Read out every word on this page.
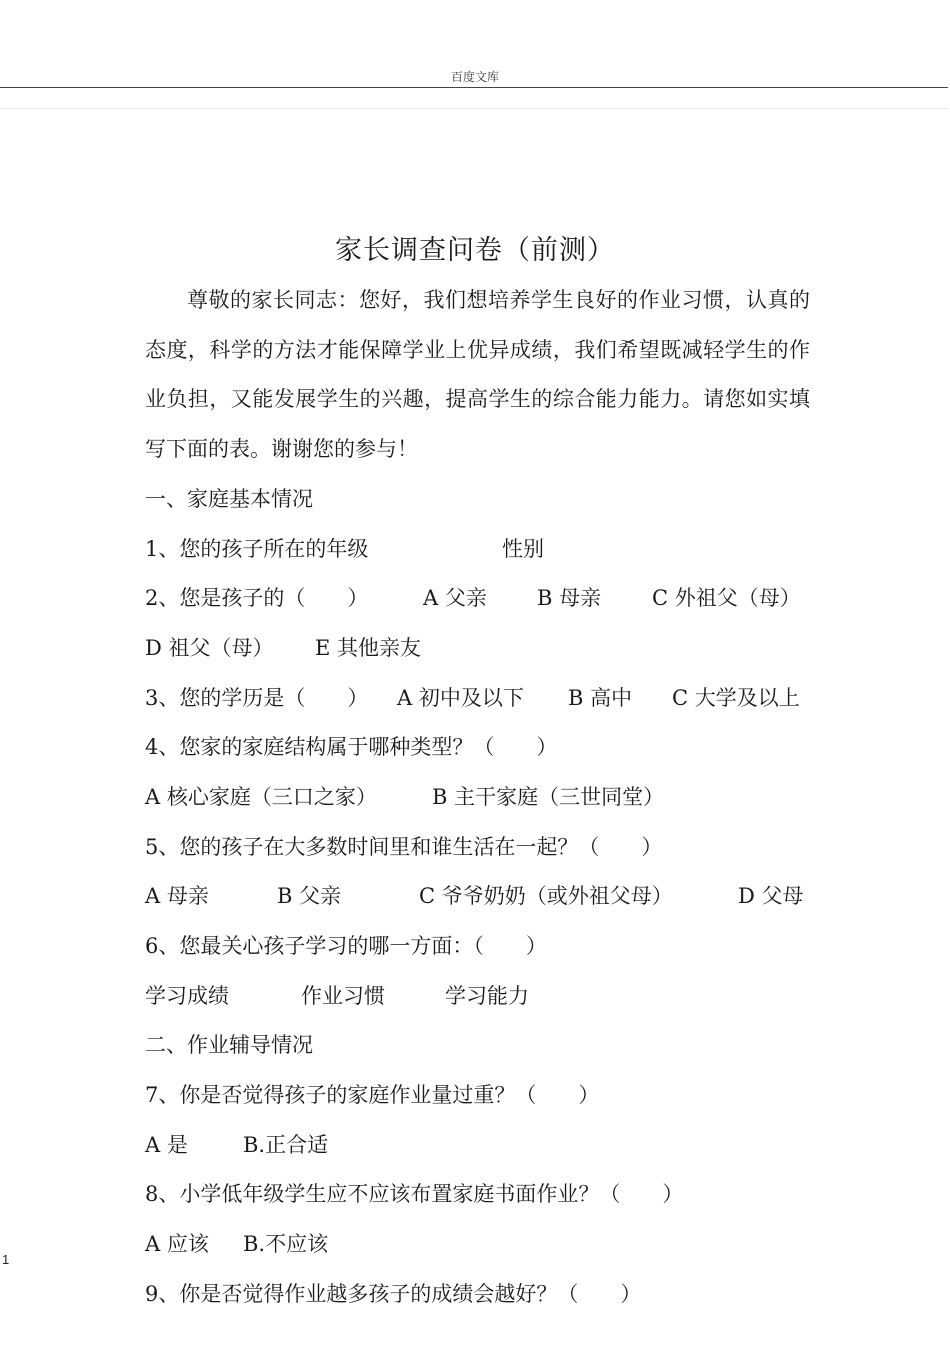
百度文库
家长调查问卷（前测）

尊敬的家长同志：您好，我们想培养学生良好的作业习惯，认真的态度，科学的方法才能保障学业上优异成绩，我们希望既减轻学生的作业负担，又能发展学生的兴趣，提高学生的综合能力能力。请您如实填写下面的表。谢谢您的参与！

一、家庭基本情况
1、您的孩子所在的年级	性别
2、您是孩子的（　　）	A 父亲 B 母亲 C 外祖父（母）
D 祖父（母） E 其他亲友
3、您的学历是（　　） A 初中及以下 B 高中 C 大学及以上
4、您家的家庭结构属于哪种类型？（　　）
A 核心家庭（三口之家）	B 主干家庭（三世同堂）
5、您的孩子在大多数时间里和谁生活在一起？（　　）
A 母亲	B 父亲	C 爷爷奶奶（或外祖父母）	D 父母
6、您最关心孩子学习的哪一方面：（　　）
学习成绩	作业习惯	学习能力
二、作业辅导情况
7、你是否觉得孩子的家庭作业量过重？（　　）
A 是	B.正合适
8、小学低年级学生应不应该布置家庭书面作业？（　　）
A 应该 B.不应该
9、你是否觉得作业越多孩子的成绩会越好？（　　）
1
